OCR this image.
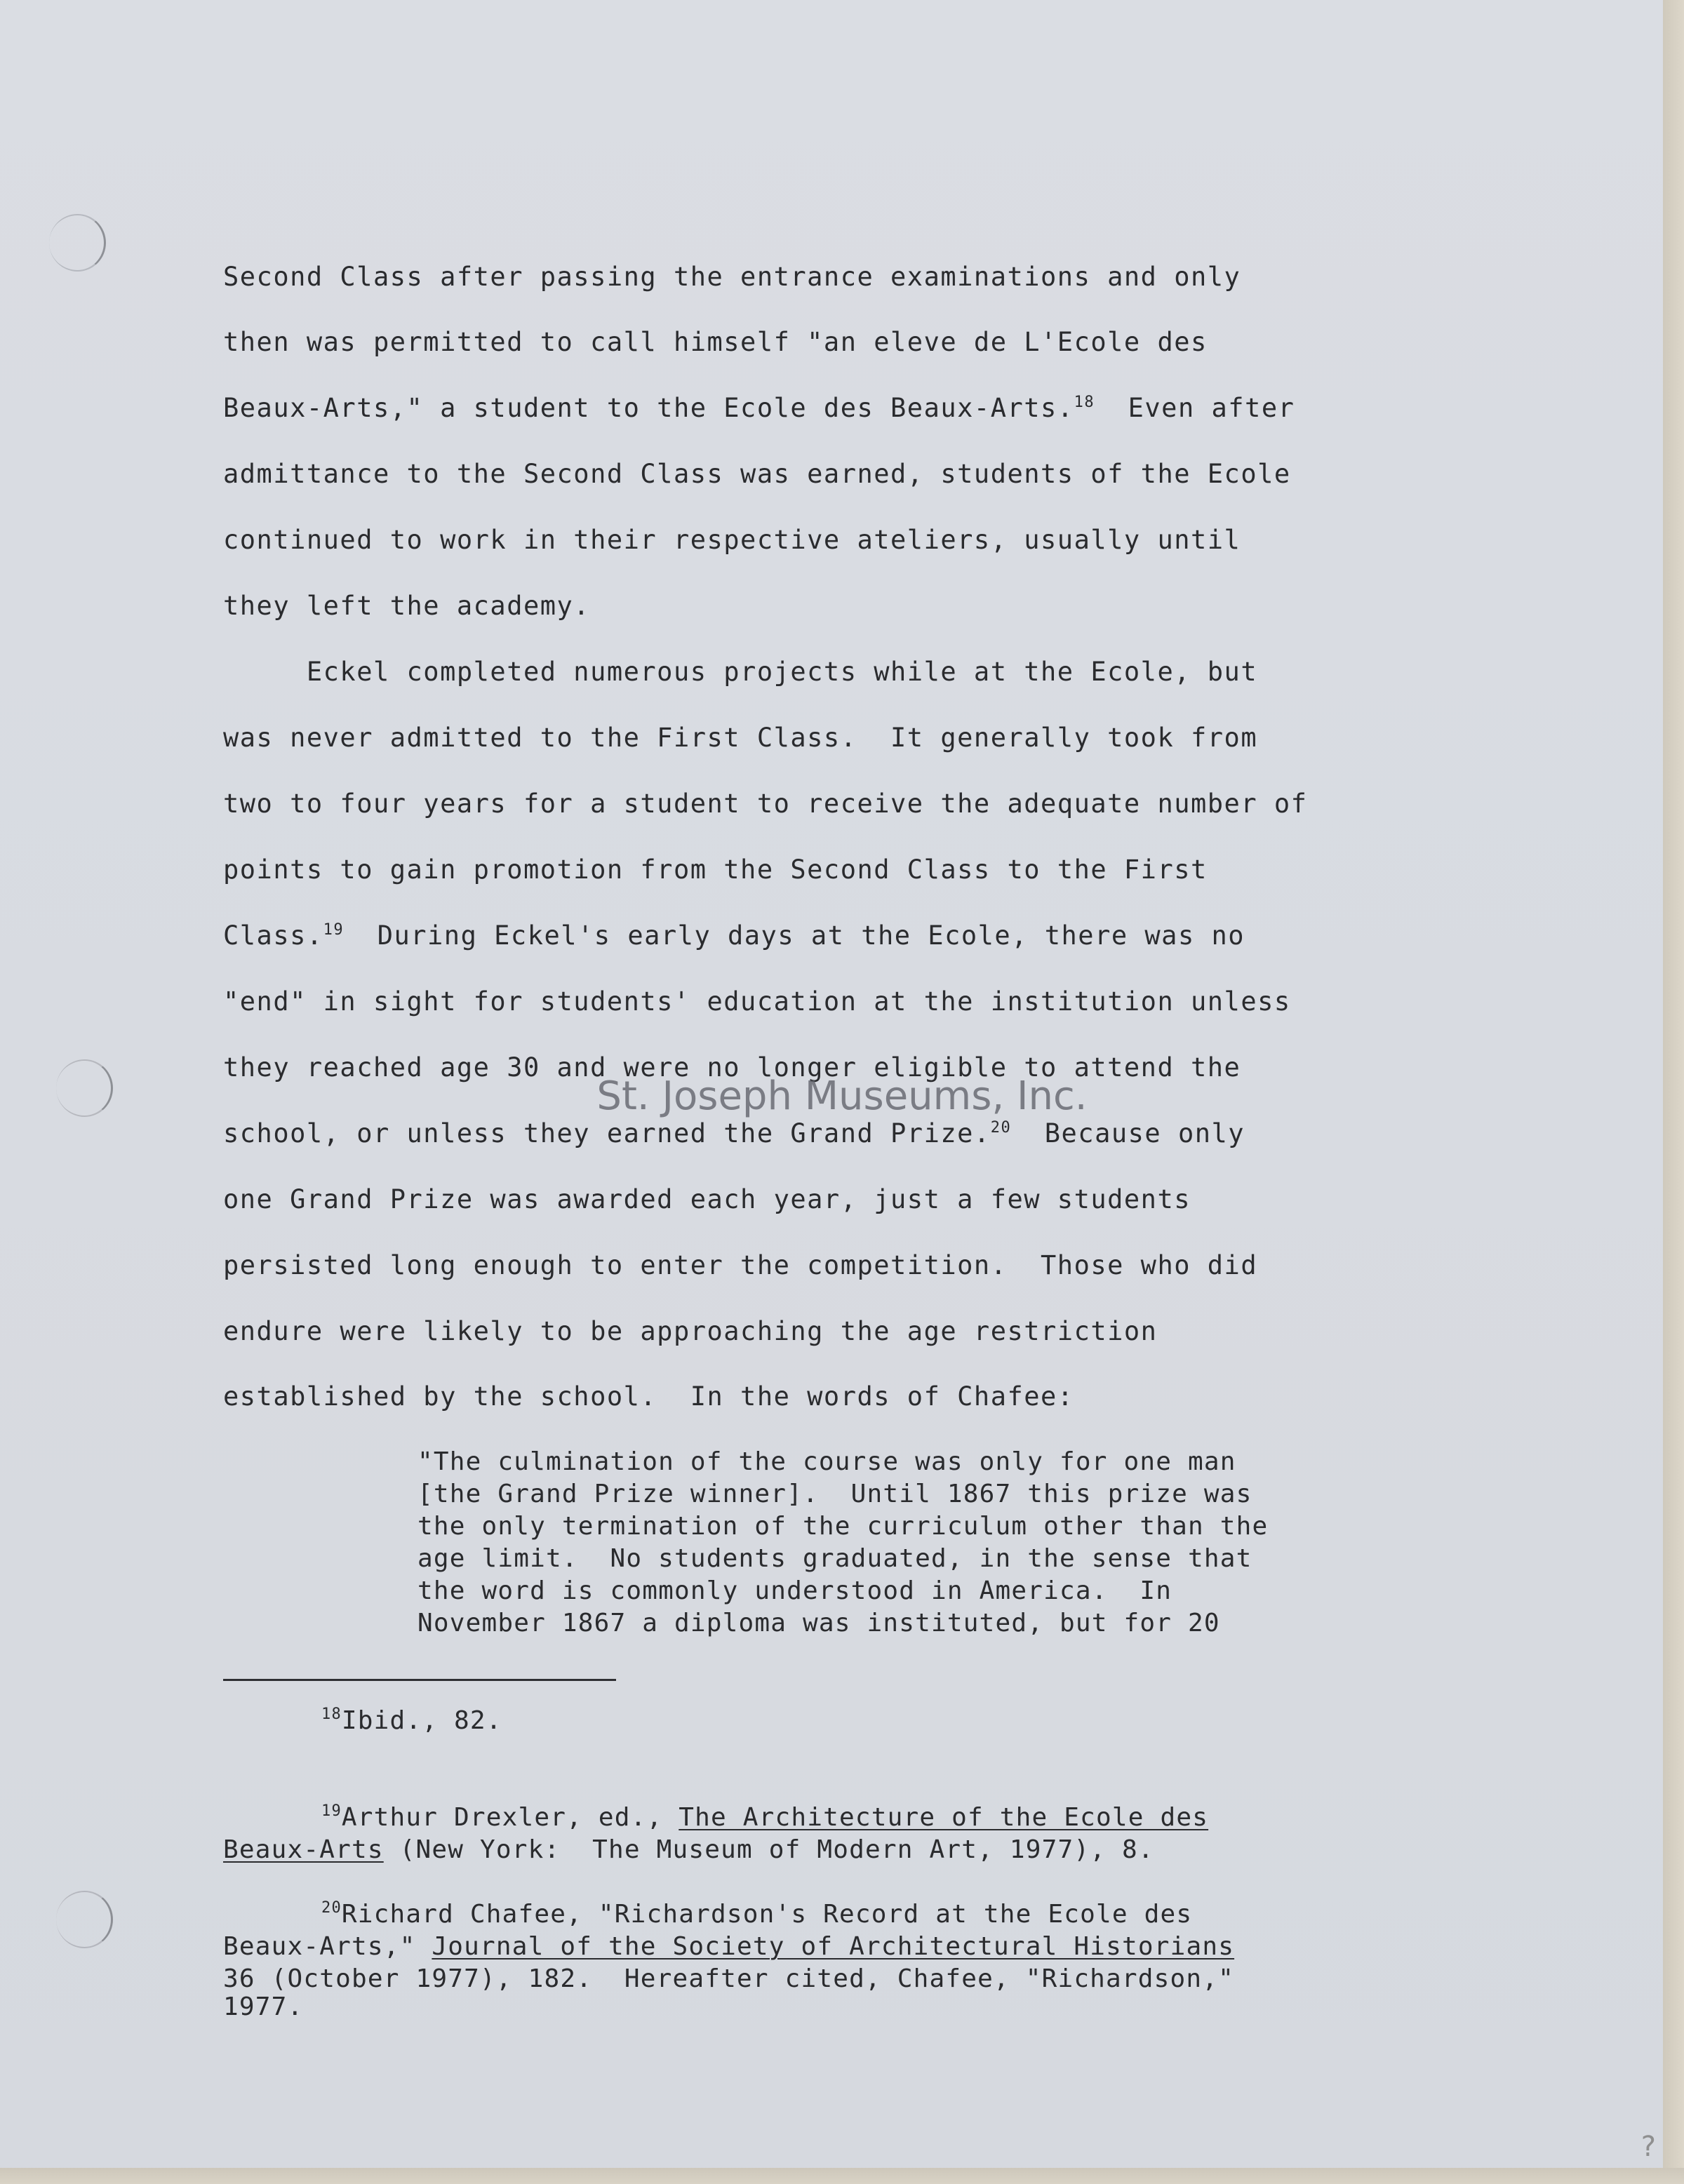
Second Class after passing the entrance examinations and only

then was permitted to call himself "an eleve de L'Ecole des

Beaux-Arts," a student to the Ecole des Beaux-Arts.$^{18}$  Even after

admittance to the Second Class was earned, students of the Ecole

continued to work in their respective ateliers, usually until

they left the academy.

Eckel completed numerous projects while at the Ecole, but

was never admitted to the First Class.  It generally took from

two to four years for a student to receive the adequate number of

points to gain promotion from the Second Class to the First

Class.$^{19}$  During Eckel's early days at the Ecole, there was no

"end" in sight for students' education at the institution unless

they reached age 30 and were no longer eligible to attend the

school, or unless they earned the Grand Prize.$^{20}$  Because only

one Grand Prize was awarded each year, just a few students

persisted long enough to enter the competition.  Those who did

endure were likely to be approaching the age restriction

established by the school.  In the words of Chafee:

"The culmination of the course was only for one man

[the Grand Prize winner].  Until 1867 this prize was

the only termination of the curriculum other than the

age limit.  No students graduated, in the sense that

the word is commonly understood in America.  In

November 1867 a diploma was instituted, but for 20

$^{18}$Ibid., 82.

$^{19}$Arthur Drexler, ed., The Architecture of the Ecole des

Beaux-Arts (New York:  The Museum of Modern Art, 1977), 8.

$^{20}$Richard Chafee, "Richardson's Record at the Ecole des

Beaux-Arts," Journal of the Society of Architectural Historians

36 (October 1977), 182.  Hereafter cited, Chafee, "Richardson,"

1977.

St. Joseph Museums, Inc.
?
